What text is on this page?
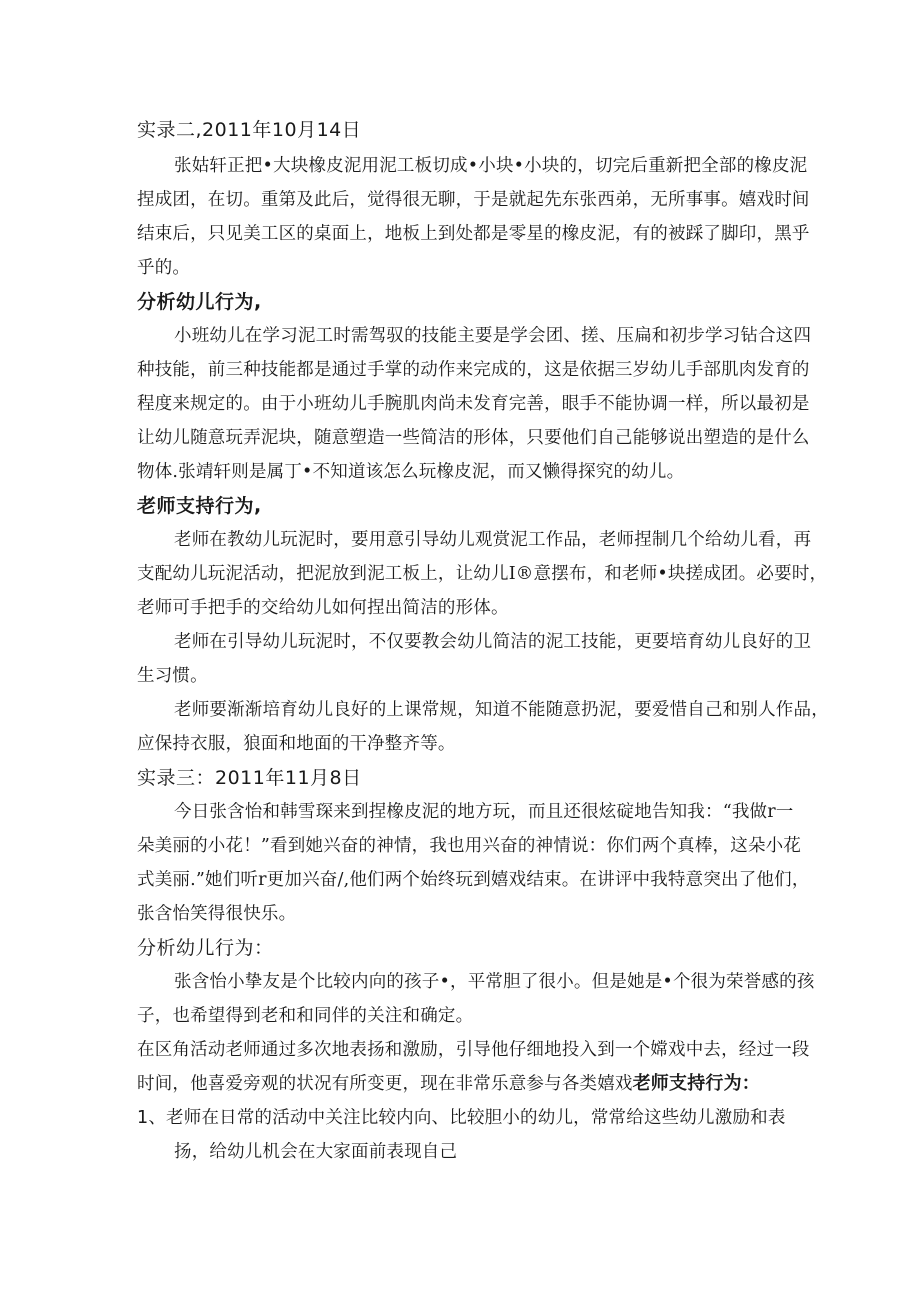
实录二,2011年10月14日
张姑轩正把•大块橡皮泥用泥工板切成•小块•小块的，切完后重新把全部的橡皮泥
捏成团，在切。重第及此后，觉得很无聊，于是就起先东张西弟，无所事事。嬉戏时间
结束后，只见美工区的桌面上，地板上到处都是零星的橡皮泥，有的被踩了脚印，黑乎
乎的。
分析幼儿行为,
小班幼儿在学习泥工时需驾驭的技能主要是学会团、搓、压扁和初步学习钻合这四
种技能，前三种技能都是通过手掌的动作来完成的，这是依据三岁幼儿手部肌肉发育的
程度来规定的。由于小班幼儿手腕肌肉尚未发育完善，眼手不能协调一样，所以最初是
让幼儿随意玩弄泥块，随意塑造一些简洁的形体，只要他们自己能够说出塑造的是什么
物体.张靖轩则是属丁•不知道该怎么玩橡皮泥，而又懒得探究的幼儿。
老师支持行为,
老师在教幼儿玩泥时，要用意引导幼儿观赏泥工作品，老师捏制几个给幼儿看，再
支配幼儿玩泥活动，把泥放到泥工板上，让幼儿I®意摆布，和老师•块搓成团。必要时，
老师可手把手的交给幼儿如何捏出简洁的形体。
老师在引导幼儿玩泥时，不仅要教会幼儿简洁的泥工技能，更要培育幼儿良好的卫
生习惯。
老师要渐渐培育幼儿良好的上课常规，知道不能随意扔泥，要爱惜自己和别人作品，
应保持衣服，狼面和地面的干净整齐等。
实录三：2011年11月8日
今日张含怡和韩雪琛来到捏橡皮泥的地方玩，而且还很炫碇地告知我：“我做r一
朵美丽的小花！”看到她兴奋的神情，我也用兴奋的神情说：你们两个真棒，这朵小花
式美丽.”她们听r更加兴奋/,他们两个始终玩到嬉戏结束。在讲评中我特意突出了他们，
张含怡笑得很快乐。
分析幼儿行为：
张含怡小挚友是个比较内向的孩子•，平常胆了很小。但是她是•个很为荣誉感的孩
子，也希望得到老和和同伴的关注和确定。
在区角活动老师通过多次地表扬和激励，引导他仔细地投入到一个嫦戏中去，经过一段
时间，他喜爱旁观的状况有所变更，现在非常乐意参与各类嬉戏老师支持行为：
1、老师在日常的活动中关注比较内向、比较胆小的幼儿，常常给这些幼儿激励和表
扬，给幼儿机会在大家面前表现自己
